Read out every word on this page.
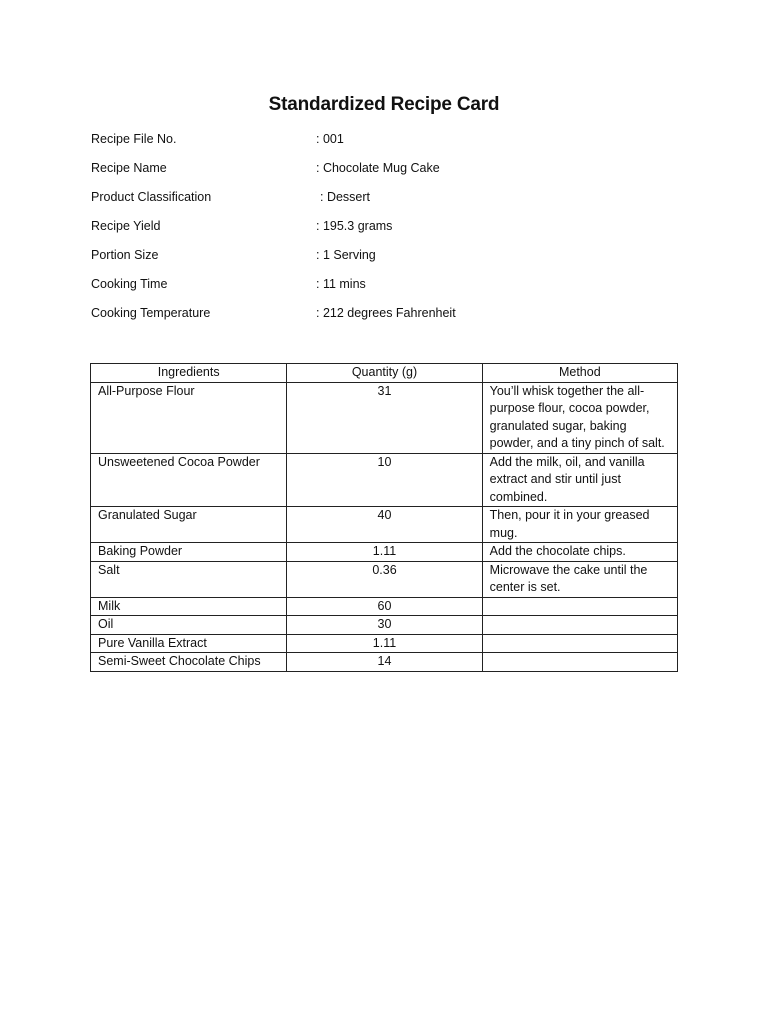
Standardized Recipe Card
Recipe File No.	: 001
Recipe Name	: Chocolate Mug Cake
Product Classification	: Dessert
Recipe Yield	: 195.3 grams
Portion Size	: 1 Serving
Cooking Time	: 11 mins
Cooking Temperature	: 212 degrees Fahrenheit
Ingredients	Quantity (g)	Method
All-Purpose Flour	31	You’ll whisk together the all-purpose flour, cocoa powder, granulated sugar, baking powder, and a tiny pinch of salt.
Unsweetened Cocoa Powder	10	Add the milk, oil, and vanilla extract and stir until just combined.
Granulated Sugar	40	Then, pour it in your greased mug.
Baking Powder	1.11	Add the chocolate chips.
Salt	0.36	Microwave the cake until the center is set.
Milk	60	
Oil	30	
Pure Vanilla Extract	1.11	
Semi-Sweet Chocolate Chips	14	
